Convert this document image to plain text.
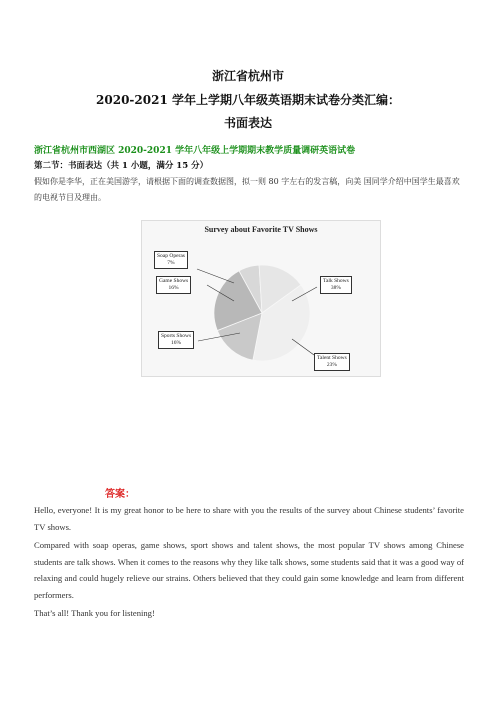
浙江省杭州市
2020-2021 学年上学期八年级英语期末试卷分类汇编：
书面表达
浙江省杭州市西湖区 2020-2021 学年八年级上学期期末教学质量调研英语试卷
第二节：书面表达（共 1 小题，满分 15 分）
假如你是李华，正在美国游学，请根据下面的调查数据图，拟一则 80 字左右的发言稿，向美 国同学介绍中国学生最喜欢的电视节目及理由。
Survey about Favorite TV Shows
Soap Operas
7%
Game Shows
16%
Talk Shows
38%
Sports Shows
16%
Talent Shows
23%
答案：

Hello, everyone! It is my great honor to be here to share with you the results of the survey about Chinese students’ favorite TV shows.

Compared with soap operas, game shows, sport shows and talent shows, the most popular TV shows among Chinese students are talk shows. When it comes to the reasons why they like talk shows, some students said that it was a good way of relaxing and could hugely relieve our strains. Others believed that they could gain some knowledge and learn from different performers.

That’s all! Thank you for listening!
